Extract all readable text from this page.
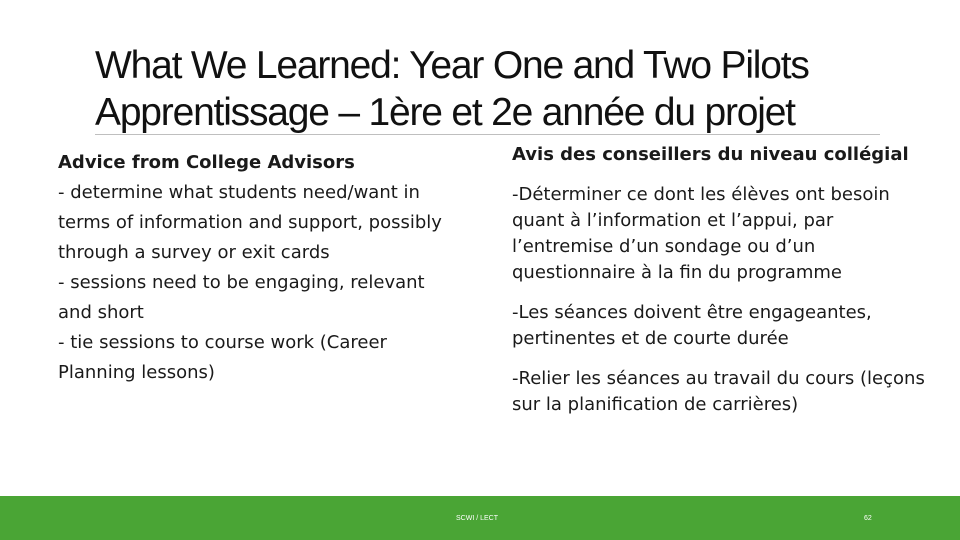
What We Learned: Year One and Two Pilots
Apprentissage – 1ère et 2e année du projet
Advice from College Advisors
- determine what students need/want in
terms of information and support, possibly
through a survey or exit cards
- sessions need to be engaging, relevant
and short
- tie sessions to course work (Career
Planning lessons)
Avis des conseillers du niveau collégial
-Déterminer ce dont les élèves ont besoin quant à l’information et l’appui, par l’entremise d’un sondage ou d’un questionnaire à la fin du programme
-Les séances doivent être engageantes, pertinentes et de courte durée
-Relier les séances au travail du cours (leçons sur la planification de carrières)
SCWI / LECT	62
